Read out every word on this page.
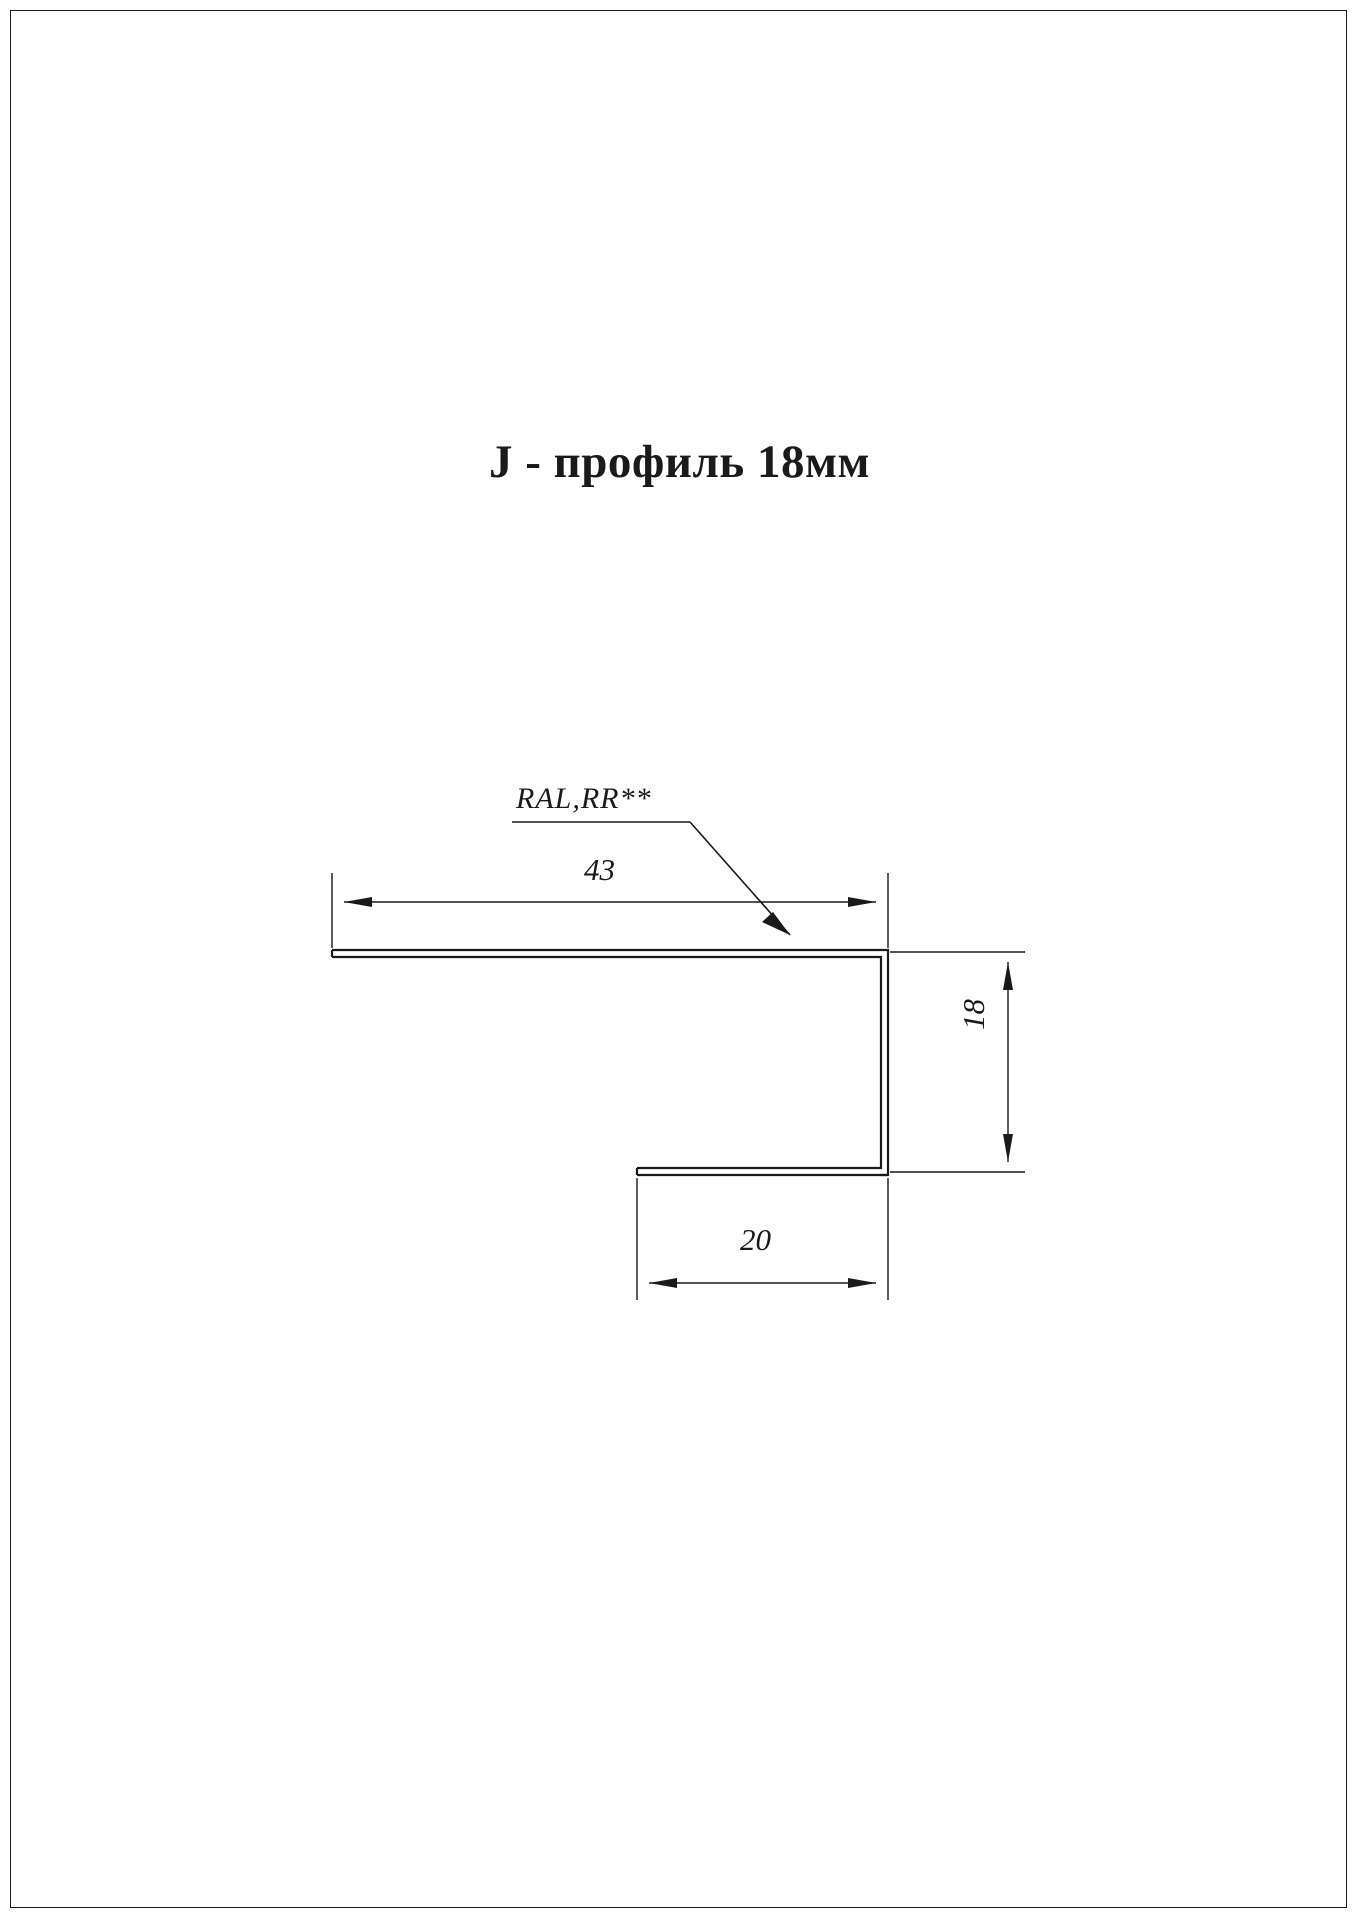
J - профиль 18мм
RAL,RR**
43
18
20
